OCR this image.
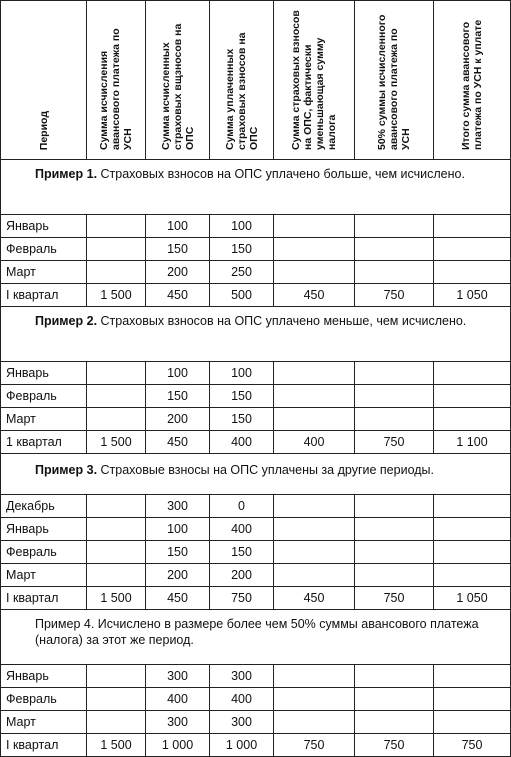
Период	Сумма исчисления авансового платежа по УСН	Сумма исчисленных страховых вщзносов на ОПС	Сумма уплаченных страховых взносов на ОПС	Сумма страховых взносов на ОПС, фактически уменьшающая сумму налога	50% суммы исчисленного авансового платежа по УСН	Итого сумма авансового платежа по УСН к уплате
Пример 1. Страховых взносов на ОПС уплачено больше, чем исчислено.						
Январь		100	100			
Февраль		150	150			
Март		200	250			
I квартал	1 500	450	500	450	750	1 050
Пример 2. Страховых взносов на ОПС уплачено меньше, чем исчислено.						
Январь		100	100			
Февраль		150	150			
Март		200	150			
1 квартал	1 500	450	400	400	750	1 100
Пример 3. Страховые взносы на ОПС уплачены за другие периоды.						
Декабрь		300	0			
Январь		100	400			
Февраль		150	150			
Март		200	200			
I квартал	1 500	450	750	450	750	1 050
Пример 4. Исчислено в размере более чем 50% суммы авансового платежа (налога) за этот же период.						
Январь		300	300			
Февраль		400	400			
Март		300	300			
I квартал	1 500	1 000	1 000	750	750	750
